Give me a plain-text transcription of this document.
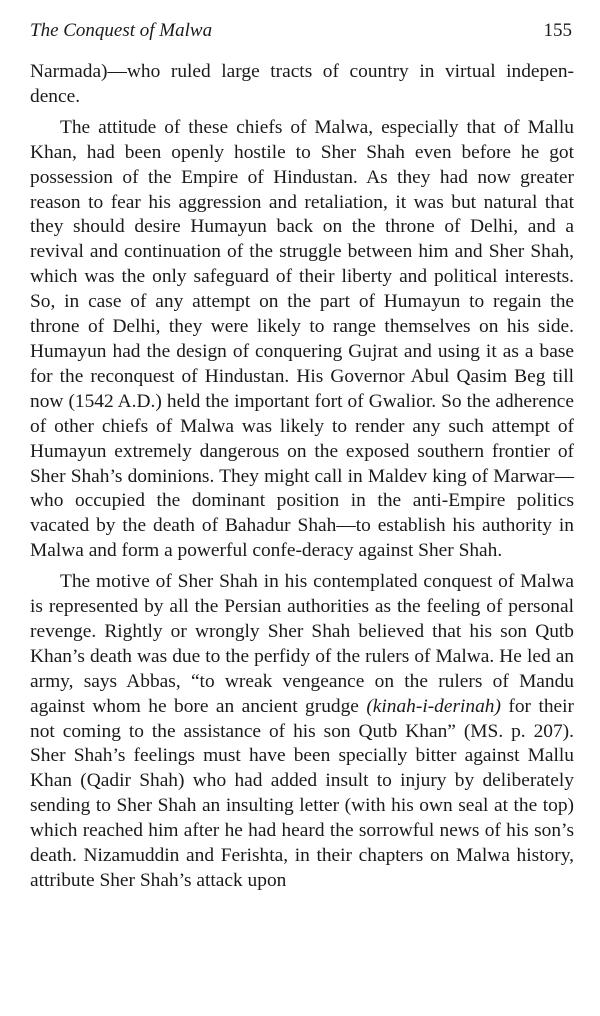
The Conquest of Malwa	155

Narmada)—who ruled large tracts of country in virtual indepen-dence.

The attitude of these chiefs of Malwa, especially that of Mallu Khan, had been openly hostile to Sher Shah even before he got possession of the Empire of Hindustan. As they had now greater reason to fear his aggression and retaliation, it was but natural that they should desire Humayun back on the throne of Delhi, and a revival and continuation of the struggle between him and Sher Shah, which was the only safeguard of their liberty and political interests. So, in case of any attempt on the part of Humayun to regain the throne of Delhi, they were likely to range themselves on his side. Humayun had the design of conquering Gujrat and using it as a base for the reconquest of Hindustan. His Governor Abul Qasim Beg till now (1542 A.D.) held the important fort of Gwalior. So the adherence of other chiefs of Malwa was likely to render any such attempt of Humayun extremely dangerous on the exposed southern frontier of Sher Shah’s dominions. They might call in Maldev king of Marwar—who occupied the dominant position in the anti-Empire politics vacated by the death of Bahadur Shah—to establish his authority in Malwa and form a powerful confe-deracy against Sher Shah.

The motive of Sher Shah in his contemplated conquest of Malwa is represented by all the Persian authorities as the feeling of personal revenge. Rightly or wrongly Sher Shah believed that his son Qutb Khan’s death was due to the perfidy of the rulers of Malwa. He led an army, says Abbas, “to wreak vengeance on the rulers of Mandu against whom he bore an ancient grudge (kinah-i-derinah) for their not coming to the assistance of his son Qutb Khan” (MS. p. 207). Sher Shah’s feelings must have been specially bitter against Mallu Khan (Qadir Shah) who had added insult to injury by deliberately sending to Sher Shah an insulting letter (with his own seal at the top) which reached him after he had heard the sorrowful news of his son’s death. Nizamuddin and Ferishta, in their chapters on Malwa history, attribute Sher Shah’s attack upon
